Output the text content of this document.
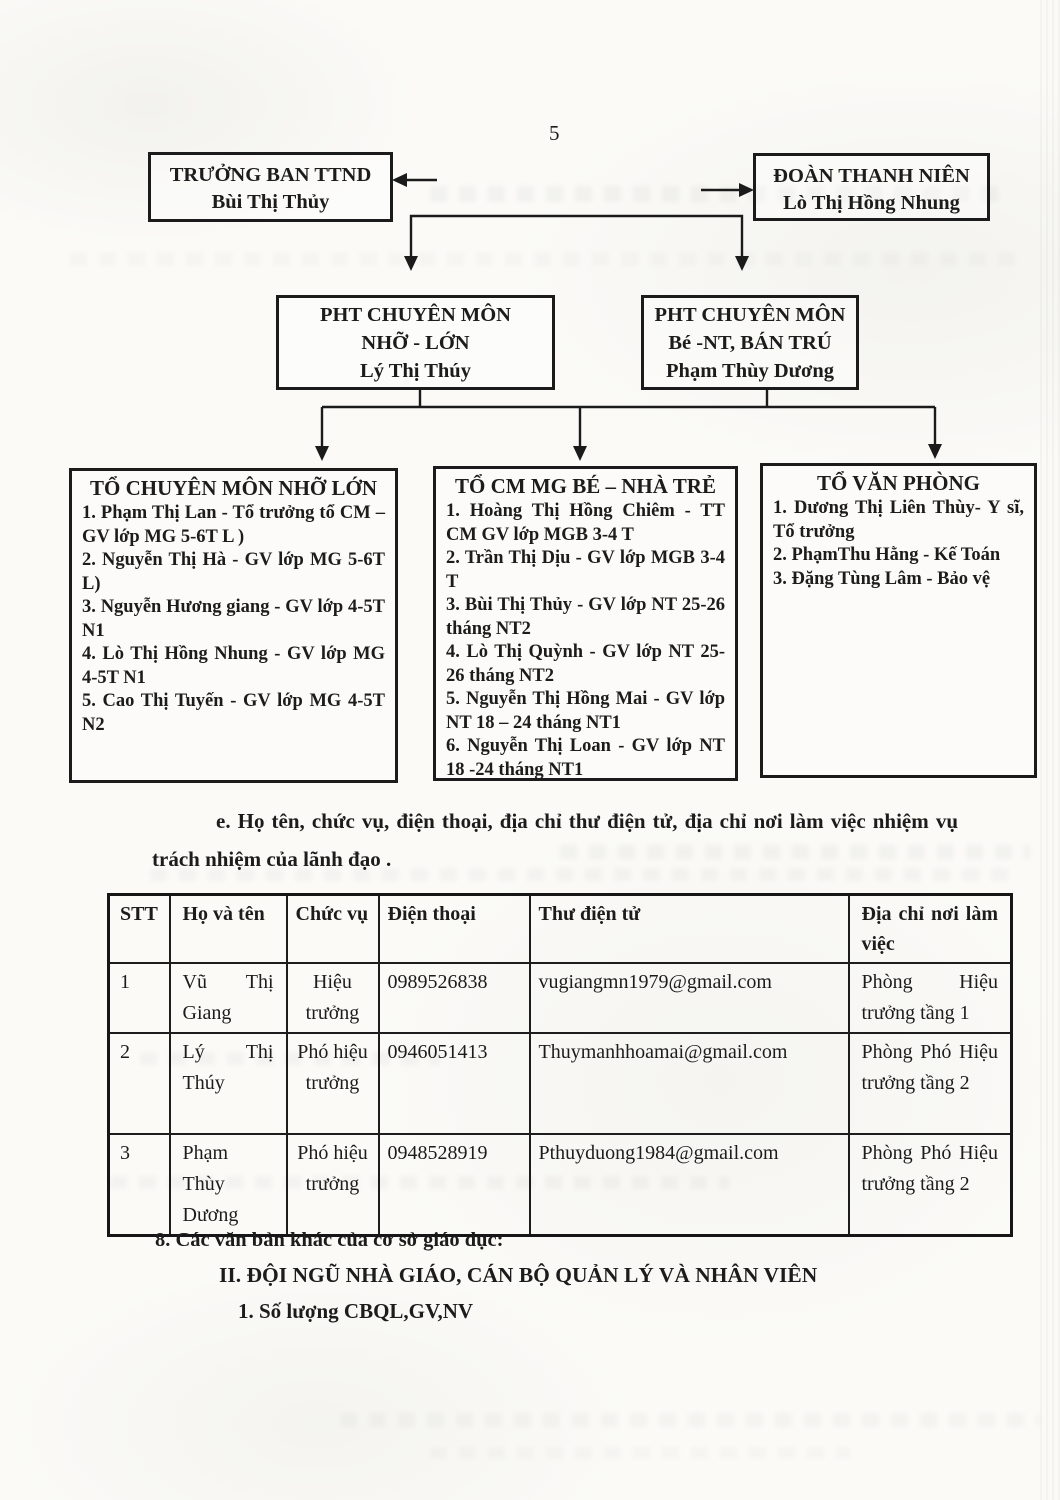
5
TRƯỞNG BAN TTND
Bùi Thị Thủy
ĐOÀN THANH NIÊN
Lò Thị Hồng Nhung
PHT CHUYÊN MÔN
NHỠ - LỚN
Lý Thị Thúy
PHT CHUYÊN MÔN
Bé -NT, BÁN TRÚ
Phạm Thùy Dương
TỔ CHUYÊN MÔN NHỠ LỚN
1. Phạm Thị Lan - Tổ trưởng tổ CM – GV lớp MG 5-6T L )
2. Nguyễn Thị Hà - GV lớp MG 5-6T L)
3. Nguyễn Hương giang - GV lớp 4-5T N1
4. Lò Thị Hồng Nhung - GV lớp MG 4-5T N1
5. Cao Thị Tuyến - GV lớp MG 4-5T N2
TỔ CM MG BÉ – NHÀ TRẺ
1. Hoàng Thị Hồng Chiêm - TT CM GV lớp MGB 3-4 T
2. Trần Thị Dịu - GV lớp MGB 3-4 T
3. Bùi Thị Thủy - GV lớp NT 25-26 tháng NT2
4. Lò Thị Quỳnh - GV lớp NT 25-26 tháng NT2
5. Nguyễn Thị Hồng Mai - GV lớp NT 18 – 24 tháng NT1
6. Nguyễn Thị Loan - GV lớp NT 18 -24 tháng NT1
TỔ VĂN PHÒNG
1. Dương Thị Liên Thùy- Y sĩ, Tổ trưởng
2. PhạmThu Hằng - Kế Toán
3. Đặng Tùng Lâm - Bảo vệ

e. Họ tên, chức vụ, điện thoại, địa chỉ thư điện tử, địa chỉ nơi làm việc nhiệm vụ trách nhiệm của lãnh đạo .

STT	Họ và tên	Chức vụ	Điện thoại	Thư điện tử	Địa chỉ nơi làm việc
1	Vũ Thị Giang	Hiệu trưởng	0989526838	vugiangmn1979@gmail.com	Phòng Hiệu trưởng tầng 1
2	Lý Thị Thúy	Phó hiệu trưởng	0946051413	Thuymanhhoamai@gmail.com	Phòng Phó Hiệu trưởng tầng 2
3	Phạm Thùy Dương	Phó hiệu trưởng	0948528919	Pthuyduong1984@gmail.com	Phòng Phó Hiệu trưởng tầng 2
8. Các văn bản khác của cơ sở giáo dục:
II. ĐỘI NGŨ NHÀ GIÁO, CÁN BỘ QUẢN LÝ VÀ NHÂN VIÊN
1. Số lượng CBQL,GV,NV
